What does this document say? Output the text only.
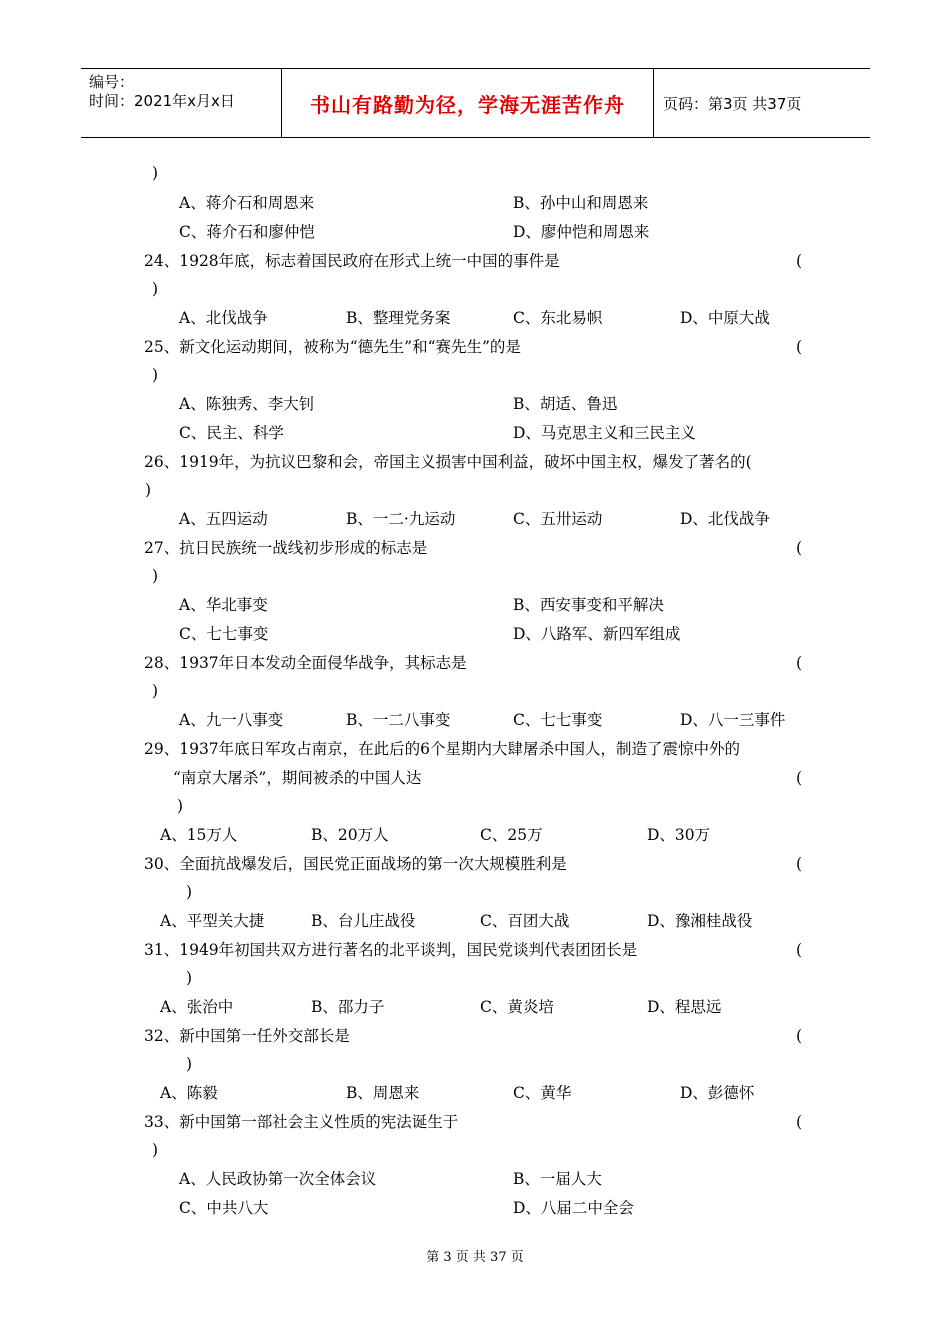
编号：
时间：2021年x月x日	书山有路勤为径，学海无涯苦作舟	页码：第3页 共37页
)
A、蒋介石和周恩来	B、孙中山和周恩来
C、蒋介石和廖仲恺	D、廖仲恺和周恩来
24、1928年底，标志着国民政府在形式上统一中国的事件是	(
)
A、北伐战争	B、整理党务案	C、东北易帜	D、中原大战
25、新文化运动期间，被称为“德先生”和“赛先生”的是	(
)
A、陈独秀、李大钊	B、胡适、鲁迅
C、民主、科学	D、马克思主义和三民主义
26、1919年，为抗议巴黎和会，帝国主义损害中国利益，破坏中国主权，爆发了著名的(
)
A、五四运动	B、一二·九运动	C、五卅运动	D、北伐战争
27、抗日民族统一战线初步形成的标志是	(
)
A、华北事变	B、西安事变和平解决
C、七七事变	D、八路军、新四军组成
28、1937年日本发动全面侵华战争，其标志是	(
)
A、九一八事变	B、一二八事变	C、七七事变	D、八一三事件
29、1937年底日军攻占南京，在此后的6个星期内大肆屠杀中国人，制造了震惊中外的
“南京大屠杀”，期间被杀的中国人达	(
)
A、15万人	B、20万人	C、25万	D、30万
30、全面抗战爆发后，国民党正面战场的第一次大规模胜利是	(
)
A、平型关大捷	B、台儿庄战役	C、百团大战	D、豫湘桂战役
31、1949年初国共双方进行著名的北平谈判，国民党谈判代表团团长是	(
)
A、张治中	B、邵力子	C、黄炎培	D、程思远
32、新中国第一任外交部长是	(
)
A、陈毅	B、周恩来	C、黄华	D、彭德怀
33、新中国第一部社会主义性质的宪法诞生于	(
)
A、人民政协第一次全体会议	B、一届人大
C、中共八大	D、八届二中全会
第 3 页 共 37 页
